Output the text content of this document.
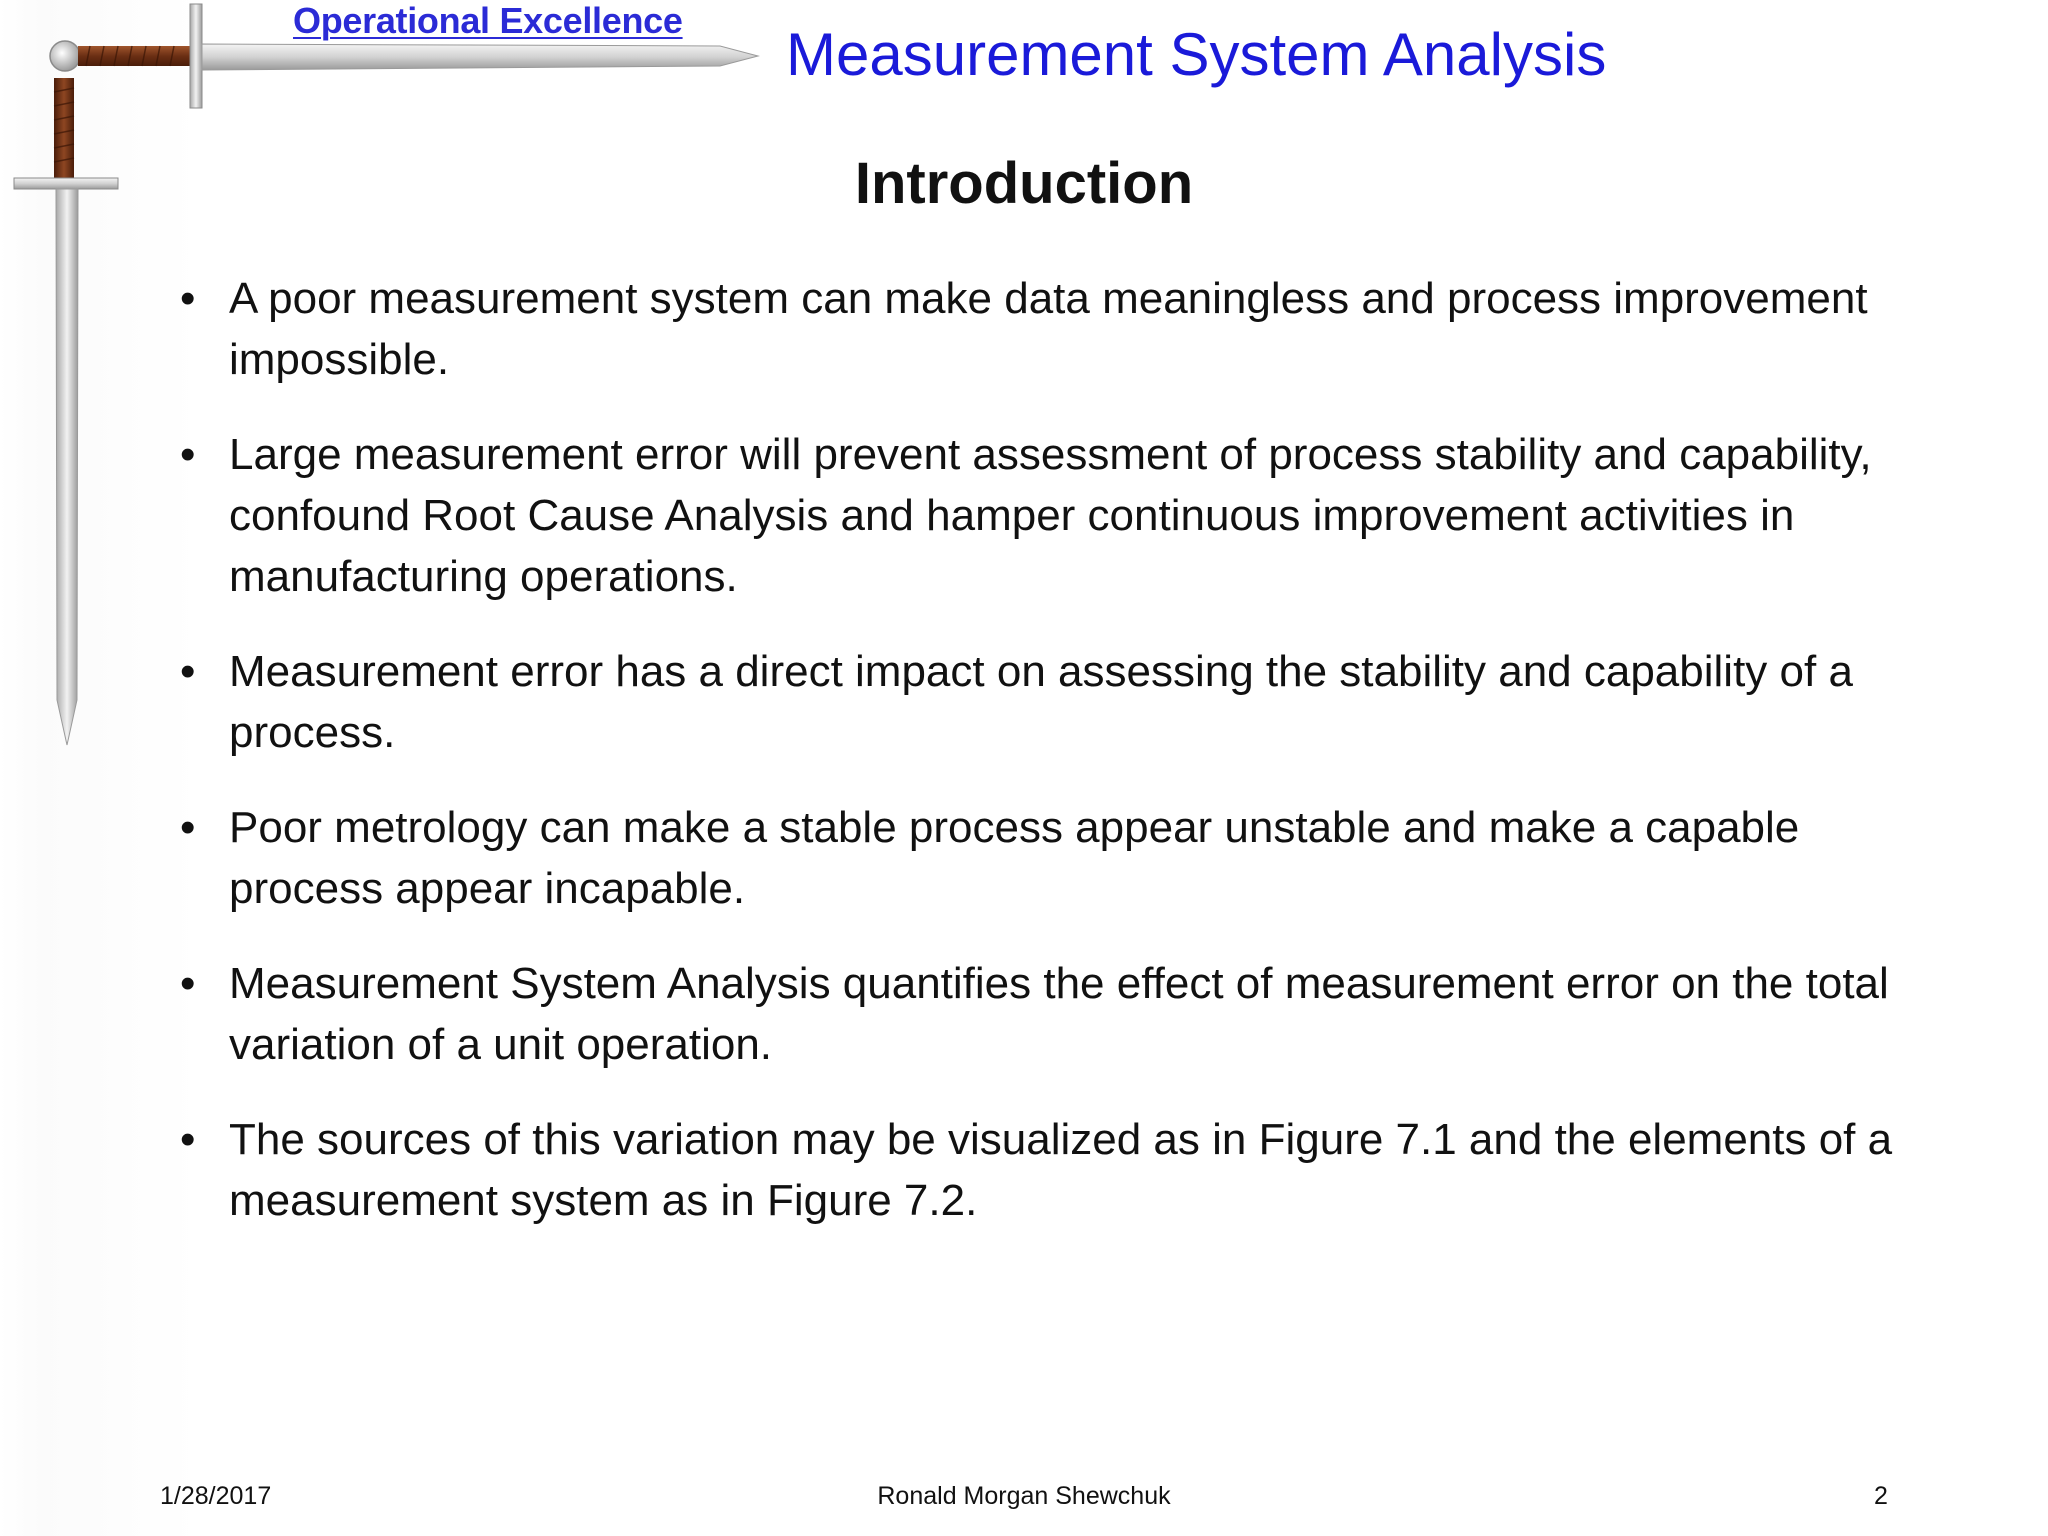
Operational Excellence
Measurement System Analysis
Introduction
• A poor measurement system can make data meaningless and process improvement impossible.
• Large measurement error will prevent assessment of process stability and capability, confound Root Cause Analysis and hamper continuous improvement activities in manufacturing operations.
• Measurement error has a direct impact on assessing the stability and capability of a process.
• Poor metrology can make a stable process appear unstable and make a capable process appear incapable.
• Measurement System Analysis quantifies the effect of measurement error on the total variation of a unit operation.
• The sources of this variation may be visualized as in Figure 7.1 and the elements of a measurement system as in Figure 7.2.
1/28/2017	Ronald Morgan Shewchuk	2
